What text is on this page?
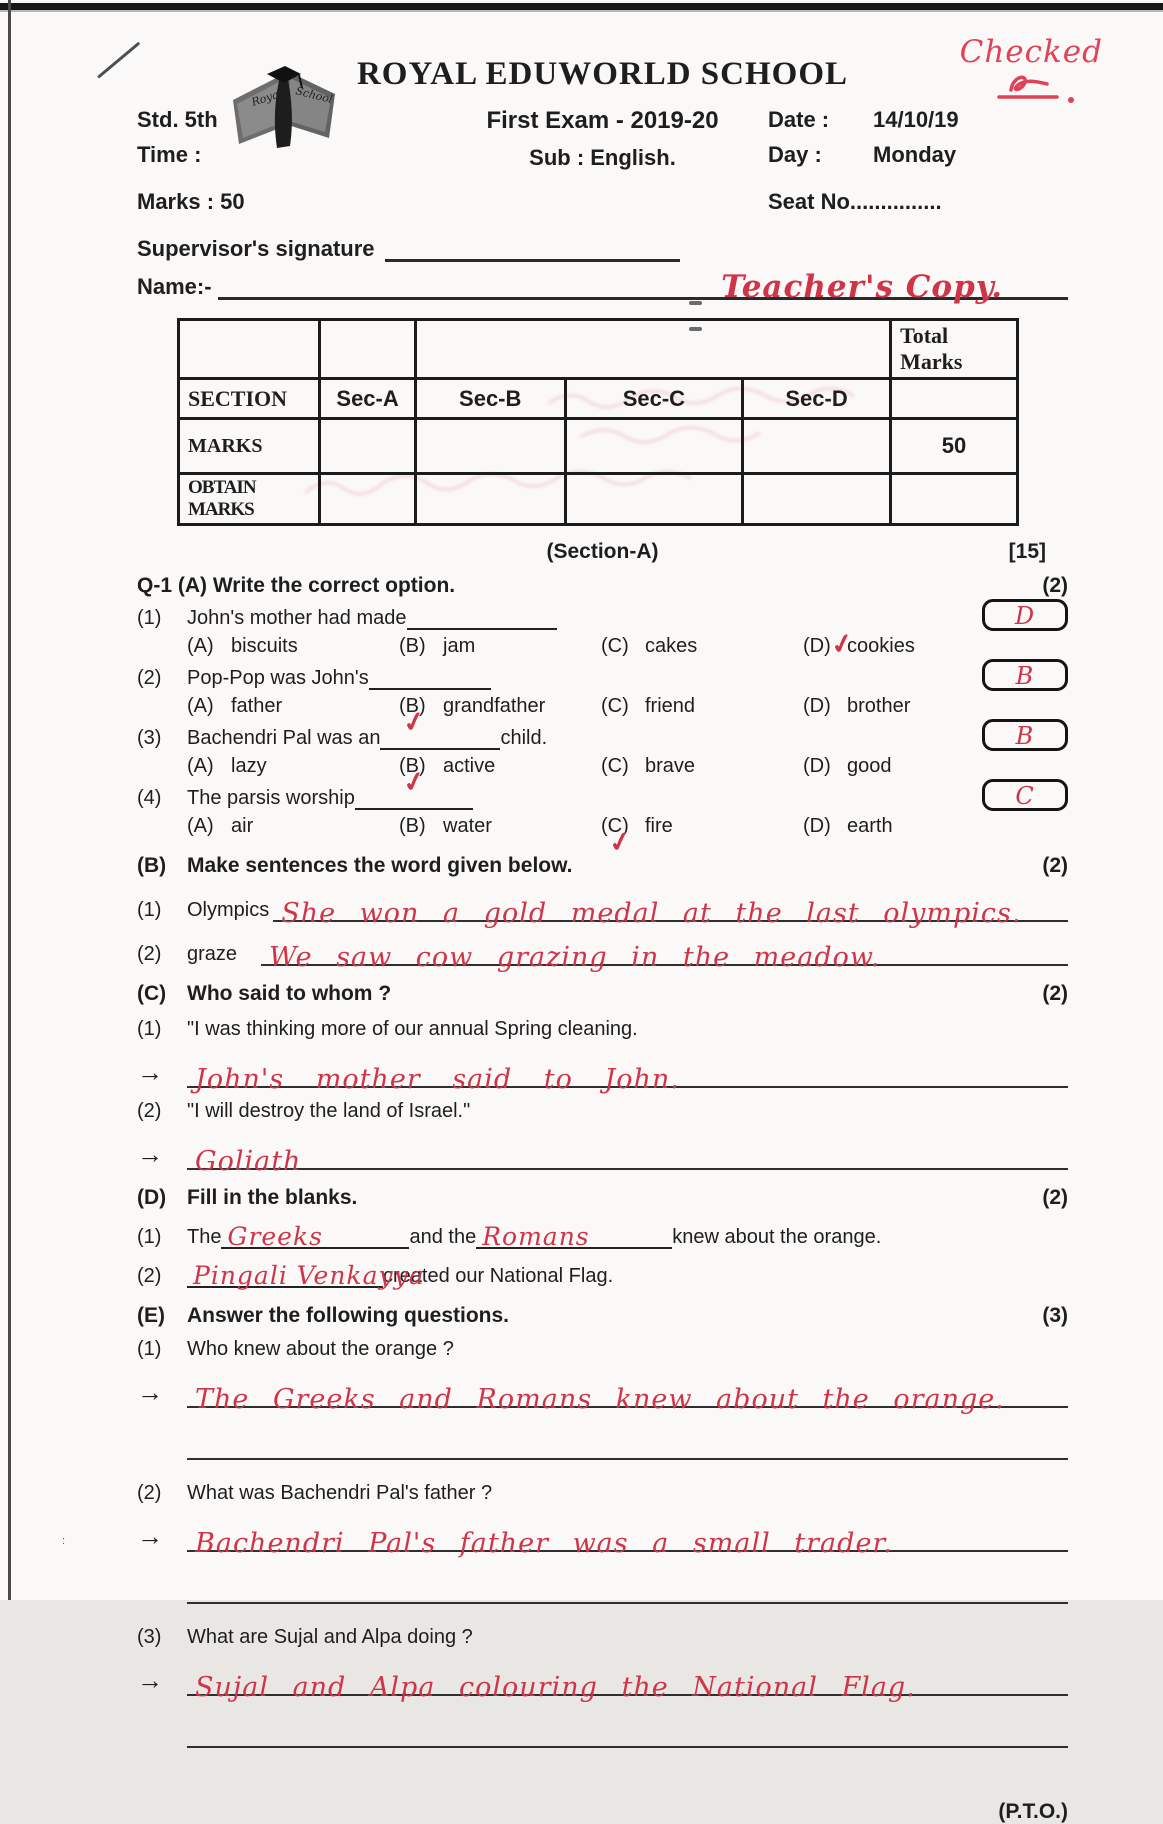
:
Checked
Royal School
ROYAL EDUWORLD SCHOOL
Std. 5th
Time :
Marks : 50
First Exam - 2019-20
Sub : English.
Date :	14/10/19
Day :	Monday
Seat No...............
Supervisor's signature
Name:-	Teacher's Copy.
					Total Marks
SECTION	Sec-A	Sec-B	Sec-C	Sec-D	
MARKS					50
OBTAIN MARKS					
(Section-A)	[15]
Q-1 (A) Write the correct option.	(2)
(1)	John's mother had made	D
(A) biscuits	(B) jam	(C) cakes	(D) cookies
✓
(2)	Pop-Pop was John's	B
(A) father	(B) grandfather
✓	(C) friend	(D) brother
(3)	Bachendri Pal was an	child.	B
(A) lazy	(B) active
✓	(C) brave	(D) good
(4)	The parsis worship	C
(A) air	(B) water	(C) fire
✓	(D) earth
(B) Make sentences the word given below.	(2)
(1)	Olympics She won a gold medal at the last olympics.
(2)	graze	We saw cow grazing in the meadow.
(C) Who said to whom ?	(2)
(1)	"I was thinking more of our annual Spring cleaning.
→	John's mother said to John.
(2)	"I will destroy the land of Israel."
→	Goliath
(D) Fill in the blanks.	(2)
(1)	The Greeks	and the Romans	knew about the orange.
(2)	Pingali Venkayya
created our National Flag.
(E)	Answer the following questions.	(3)
(1)	Who knew about the orange ?
→	The Greeks and Romans knew about the orange.
(2)	What was Bachendri Pal's father ?
→	Bachendri Pal's father was a small trader.
(3)	What are Sujal and Alpa doing ?
→	Sujal and Alpa colouring the National Flag.
(P.T.O.)
